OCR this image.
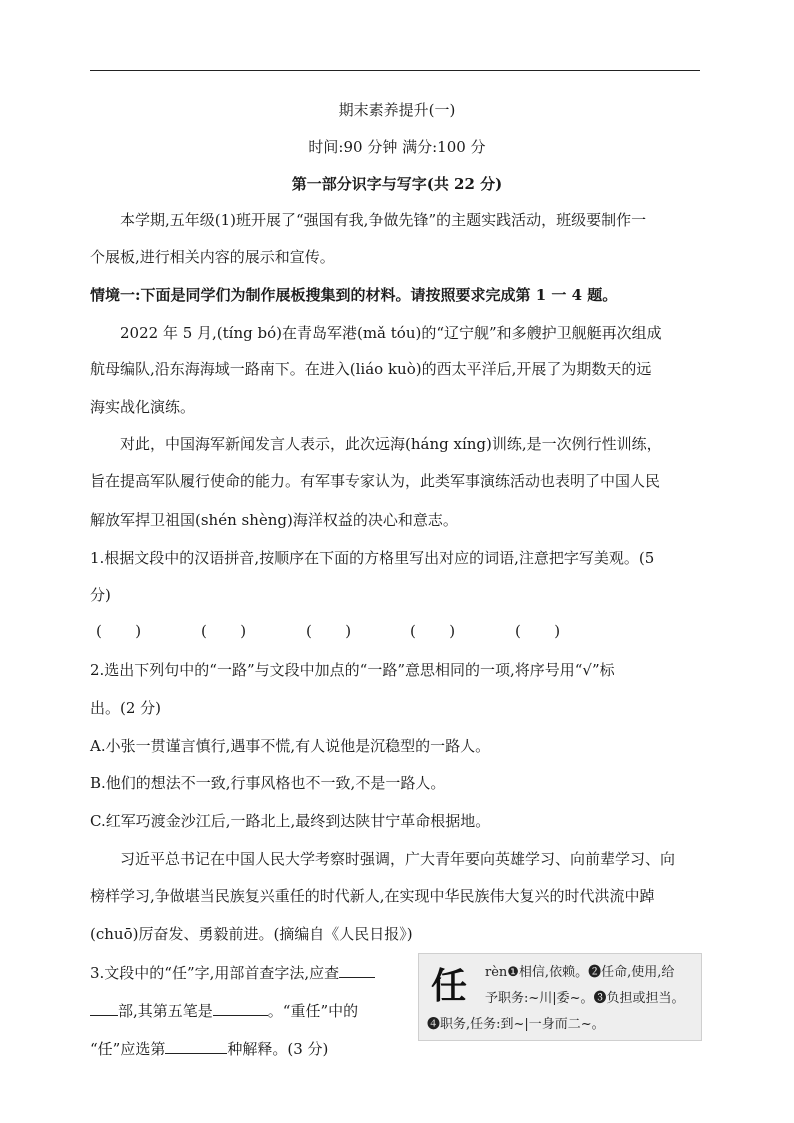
期末素养提升(一)
时间:90 分钟 满分:100 分
第一部分识字与写字(共 22 分)
本学期,五年级(1)班开展了“强国有我,争做先锋”的主题实践活动，班级要制作一
个展板,进行相关内容的展示和宣传。
情境一:下面是同学们为制作展板搜集到的材料。请按照要求完成第 1 一 4 题。
2022 年 5 月,(tíng bó)在青岛军港(mǎ tóu)的“辽宁舰”和多艘护卫舰艇再次组成
航母编队,沿东海海域一路南下。在进入(liáo kuò)的西太平洋后,开展了为期数天的远
海实战化演练。
对此，中国海军新闻发言人表示，此次远海(háng xíng)训练,是一次例行性训练，
旨在提高军队履行使命的能力。有军事专家认为，此类军事演练活动也表明了中国人民
解放军捍卫祖国(shén shèng)海洋权益的决心和意志。
1.根据文段中的汉语拼音,按顺序在下面的方格里写出对应的词语,注意把字写美观。(5
分)
(       )	(       )	(       )	(       )	(       )
2.选出下列句中的“一路”与文段中加点的“一路”意思相同的一项,将序号用“√”标
出。(2 分)
A.小张一贯谨言慎行,遇事不慌,有人说他是沉稳型的一路人。
B.他们的想法不一致,行事风格也不一致,不是一路人。
C.红军巧渡金沙江后,一路北上,最终到达陕甘宁革命根据地。
习近平总书记在中国人民大学考察时强调，广大青年要向英雄学习、向前辈学习、向
榜样学习,争做堪当民族复兴重任的时代新人,在实现中华民族伟大复兴的时代洪流中踔
(chuō)厉奋发、勇毅前进。(摘编自《人民日报》)
3.文段中的“任”字,用部首查字法,应查
部,其第五笔是	。“重任”中的
“任”应选第	种解释。(3 分)
任 rèn❶相信,依赖。❷任命,使用,给
予职务:~川|委~。❸负担或担当。
❹职务,任务:到~|一身而二~。
